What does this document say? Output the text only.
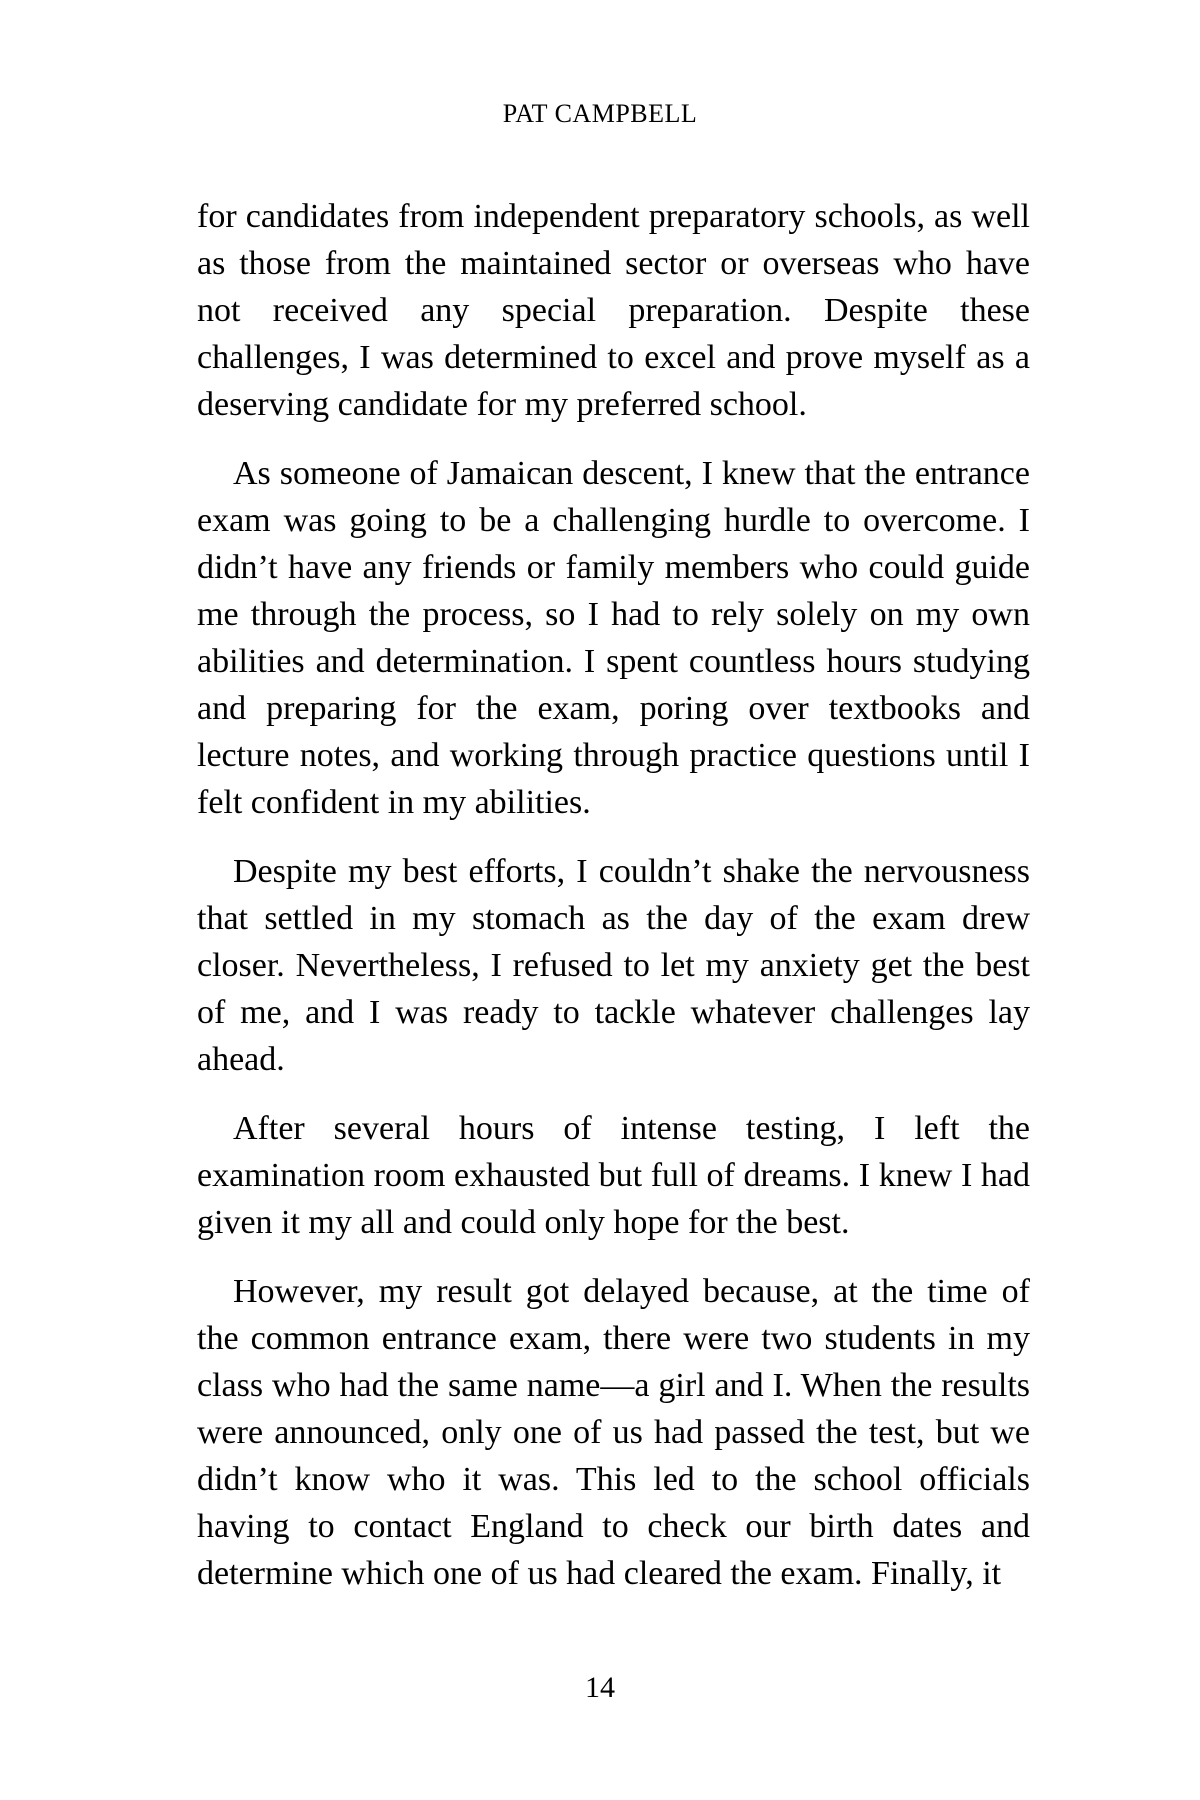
PAT CAMPBELL

for candidates from independent preparatory schools, as well as those from the maintained sector or overseas who have not received any special preparation. Despite these challenges, I was determined to excel and prove myself as a deserving candidate for my preferred school.

As someone of Jamaican descent, I knew that the entrance exam was going to be a challenging hurdle to overcome. I didn’t have any friends or family members who could guide me through the process, so I had to rely solely on my own abilities and determination. I spent countless hours studying and preparing for the exam, poring over textbooks and lecture notes, and working through practice questions until I felt confident in my abilities.

Despite my best efforts, I couldn’t shake the nervousness that settled in my stomach as the day of the exam drew closer. Nevertheless, I refused to let my anxiety get the best of me, and I was ready to tackle whatever challenges lay ahead.

After several hours of intense testing, I left the examination room exhausted but full of dreams. I knew I had given it my all and could only hope for the best.

However, my result got delayed because, at the time of the common entrance exam, there were two students in my class who had the same name—a girl and I. When the results were announced, only one of us had passed the test, but we didn’t know who it was. This led to the school officials having to contact England to check our birth dates and determine which one of us had cleared the exam. Finally, it

14
